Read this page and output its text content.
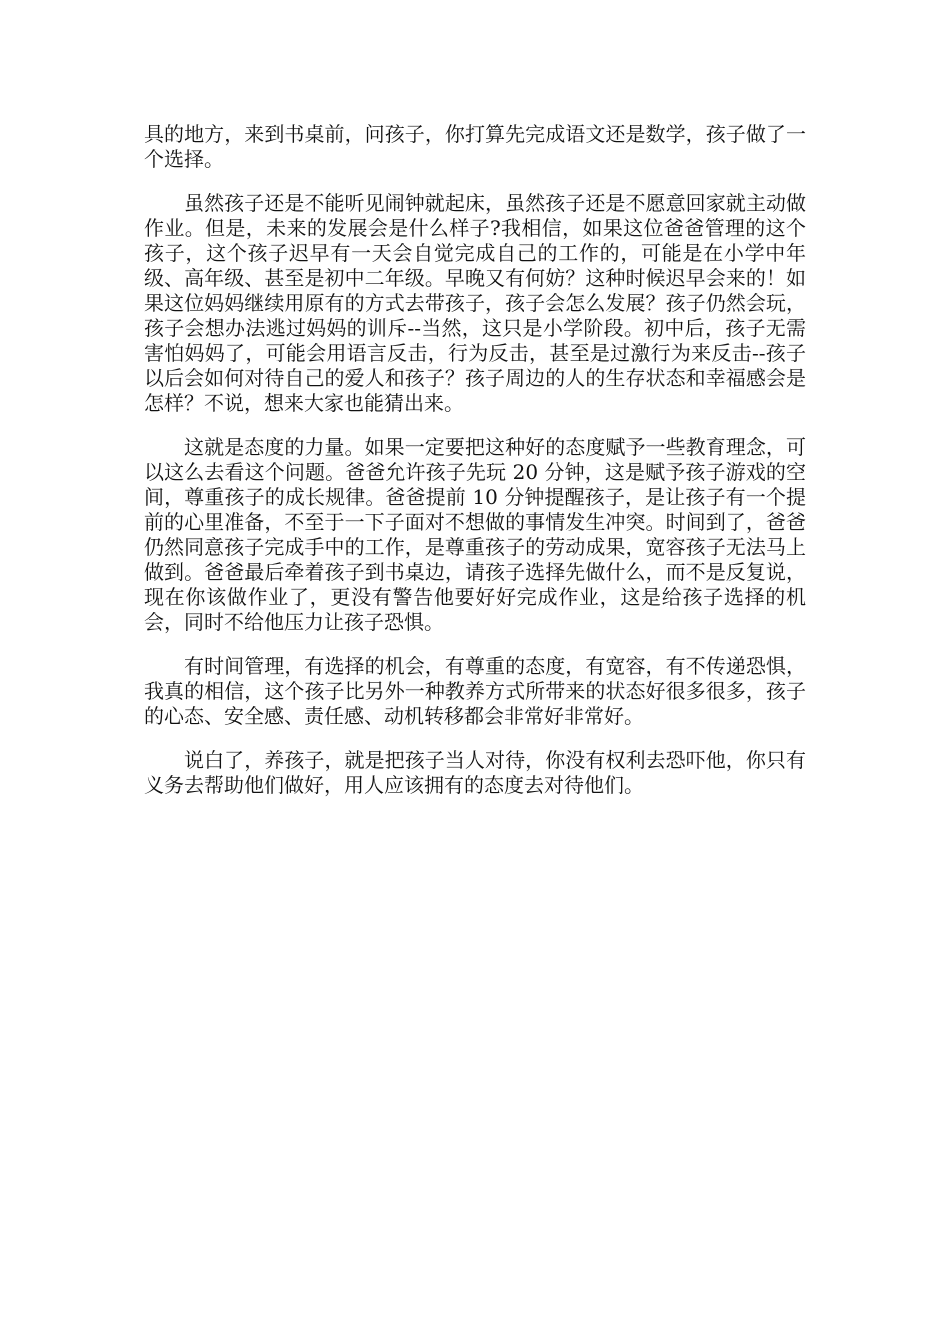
具的地方，来到书桌前，问孩子，你打算先完成语文还是数学，孩子做了一个选择。

虽然孩子还是不能听见闹钟就起床，虽然孩子还是不愿意回家就主动做作业。但是，未来的发展会是什么样子?我相信，如果这位爸爸管理的这个孩子，这个孩子迟早有一天会自觉完成自己的工作的，可能是在小学中年级、高年级、甚至是初中二年级。早晚又有何妨？这种时候迟早会来的！如果这位妈妈继续用原有的方式去带孩子，孩子会怎么发展？孩子仍然会玩，孩子会想办法逃过妈妈的训斥--当然，这只是小学阶段。初中后，孩子无需害怕妈妈了，可能会用语言反击，行为反击，甚至是过激行为来反击--孩子以后会如何对待自己的爱人和孩子？孩子周边的人的生存状态和幸福感会是怎样？不说，想来大家也能猜出来。

这就是态度的力量。如果一定要把这种好的态度赋予一些教育理念，可以这么去看这个问题。爸爸允许孩子先玩 20 分钟，这是赋予孩子游戏的空间，尊重孩子的成长规律。爸爸提前 10 分钟提醒孩子，是让孩子有一个提前的心里准备，不至于一下子面对不想做的事情发生冲突。时间到了，爸爸仍然同意孩子完成手中的工作，是尊重孩子的劳动成果，宽容孩子无法马上做到。爸爸最后牵着孩子到书桌边，请孩子选择先做什么，而不是反复说，现在你该做作业了，更没有警告他要好好完成作业，这是给孩子选择的机会，同时不给他压力让孩子恐惧。

有时间管理，有选择的机会，有尊重的态度，有宽容，有不传递恐惧，我真的相信，这个孩子比另外一种教养方式所带来的状态好很多很多，孩子的心态、安全感、责任感、动机转移都会非常好非常好。

说白了，养孩子，就是把孩子当人对待，你没有权利去恐吓他，你只有义务去帮助他们做好，用人应该拥有的态度去对待他们。
